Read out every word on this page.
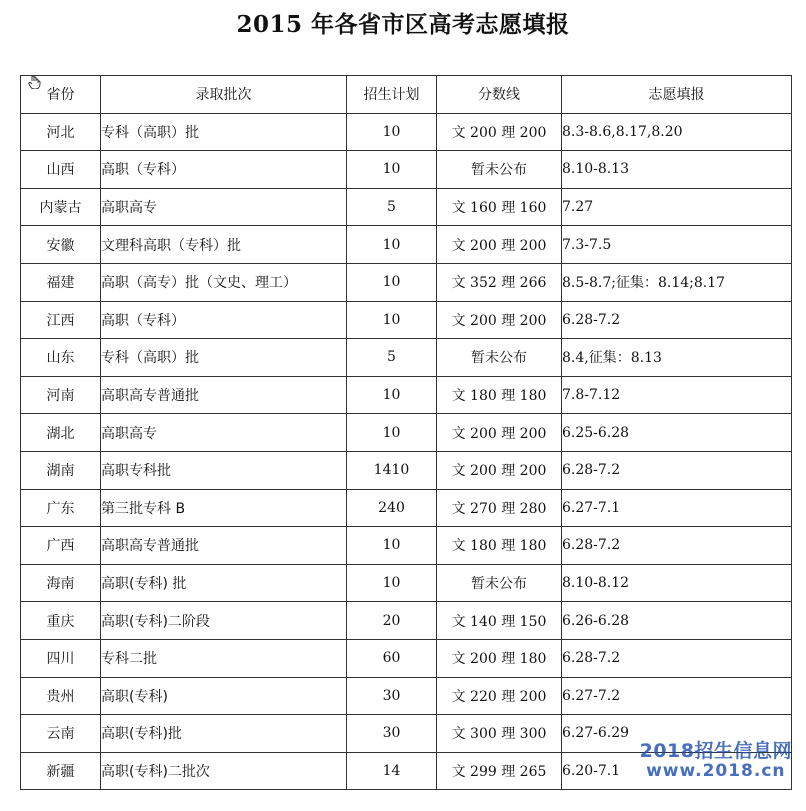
2015 年各省市区高考志愿填报
省份	录取批次	招生计划	分数线	志愿填报
河北	专科（高职）批	10	文 200 理 200	8.3-8.6,8.17,8.20
山西	高职（专科）	10	暂未公布	8.10-8.13
内蒙古	高职高专	5	文 160 理 160	7.27
安徽	文理科高职（专科）批	10	文 200 理 200	7.3-7.5
福建	高职（高专）批（文史、理工）	10	文 352 理 266	8.5-8.7;征集：8.14;8.17
江西	高职（专科）	10	文 200 理 200	6.28-7.2
山东	专科（高职）批	5	暂未公布	8.4,征集：8.13
河南	高职高专普通批	10	文 180 理 180	7.8-7.12
湖北	高职高专	10	文 200 理 200	6.25-6.28
湖南	高职专科批	1410	文 200 理 200	6.28-7.2
广东	第三批专科 B	240	文 270 理 280	6.27-7.1
广西	高职高专普通批	10	文 180 理 180	6.28-7.2
海南	高职(专科) 批	10	暂未公布	8.10-8.12
重庆	高职(专科)二阶段	20	文 140 理 150	6.26-6.28
四川	专科二批	60	文 200 理 180	6.28-7.2
贵州	高职(专科)	30	文 220 理 200	6.27-7.2
云南	高职(专科)批	30	文 300 理 300	6.27-6.29
新疆	高职(专科)二批次	14	文 299 理 265	6.20-7.1
2018招生信息网
www.2018.cn
